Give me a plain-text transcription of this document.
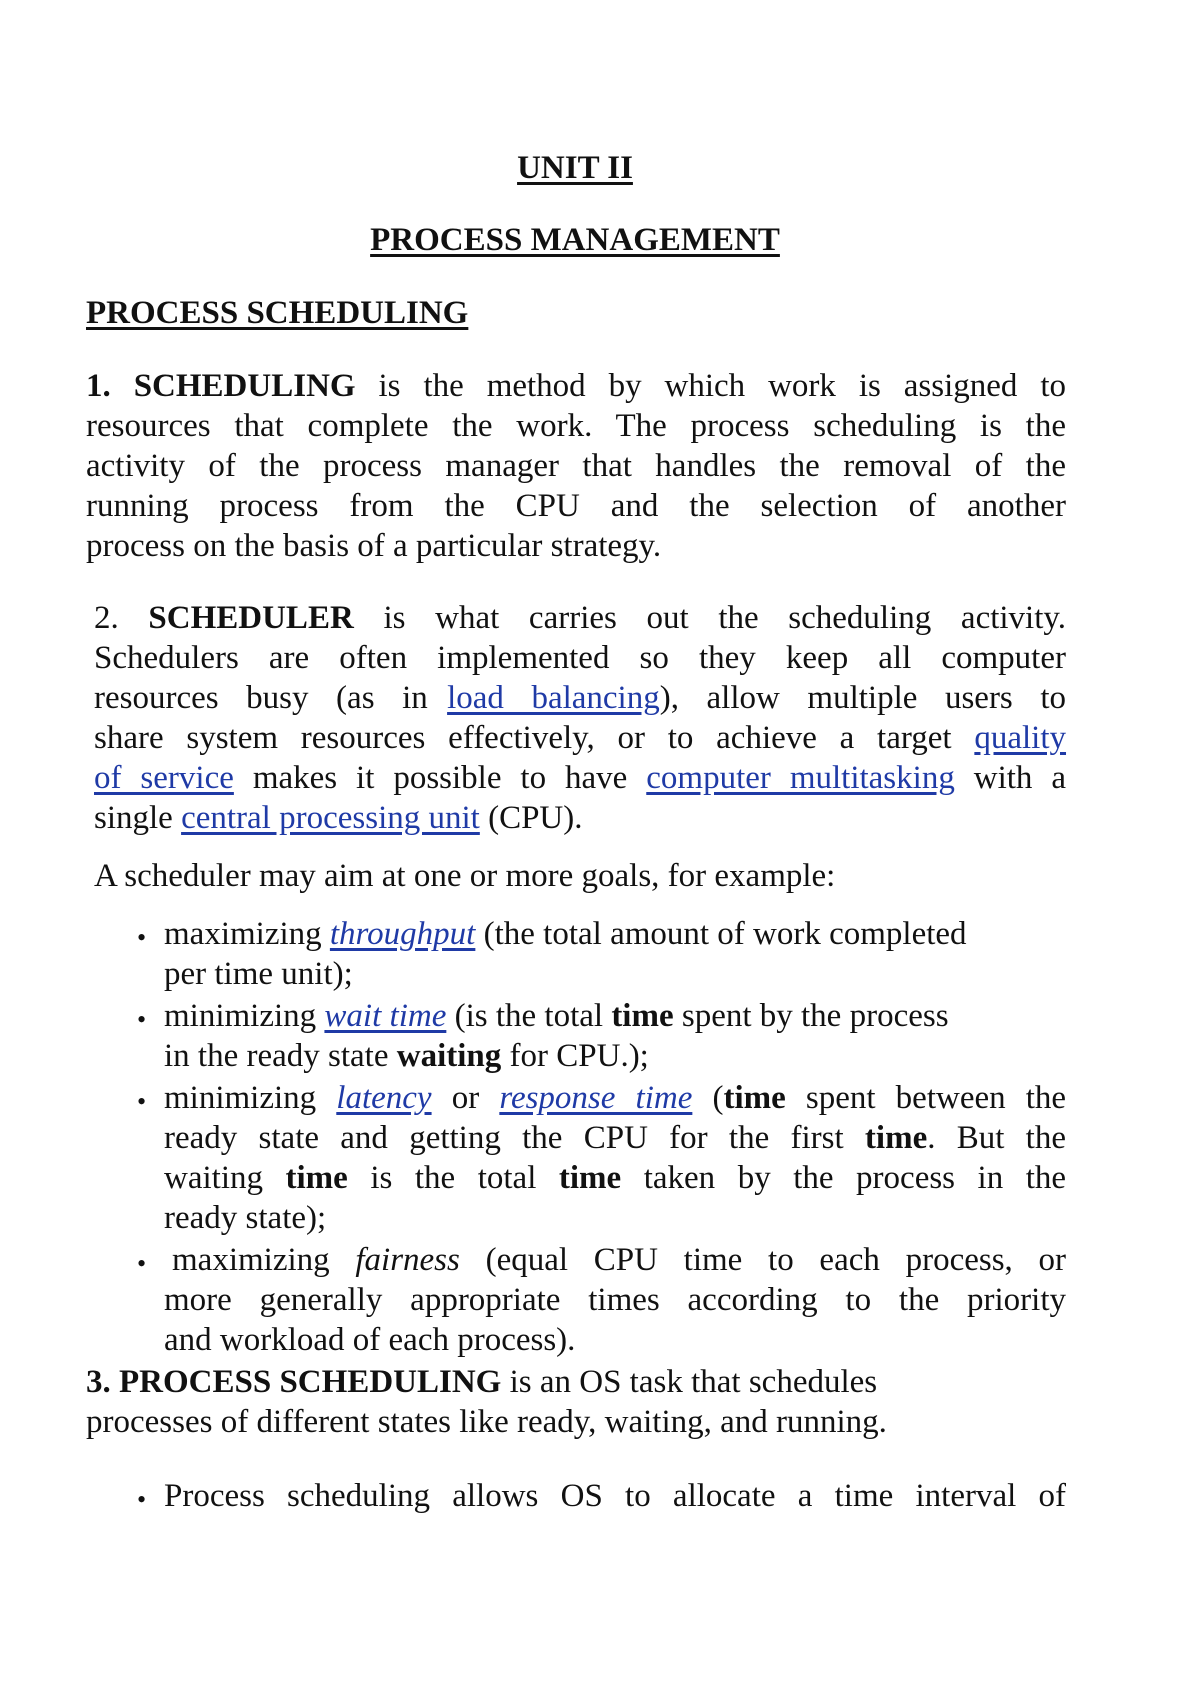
UNIT II
PROCESS MANAGEMENT
PROCESS SCHEDULING
1. SCHEDULING is the method by which work is assigned to
resources that complete the work. The process scheduling is the
activity of the process manager that handles the removal of the
running process from the CPU and the selection of another
process on the basis of a particular strategy.
2. SCHEDULER is what carries out the scheduling activity.
Schedulers are often implemented so they keep all computer
resources busy (as in load balancing), allow multiple users to
share system resources effectively, or to achieve a target quality
of service makes it possible to have computer multitasking with a
single central processing unit (CPU).
A scheduler may aim at one or more goals, for example:
• maximizing throughput (the total amount of work completed
per time unit);
• minimizing wait time (is the total time spent by the process
in the ready state waiting for CPU.);
• minimizing latency or response time (time spent between the
ready state and getting the CPU for the first time. But the
waiting time is the total time taken by the process in the
ready state);
• maximizing fairness (equal CPU time to each process, or
more generally appropriate times according to the priority
and workload of each process).
3. PROCESS SCHEDULING is an OS task that schedules
processes of different states like ready, waiting, and running.
• Process scheduling allows OS to allocate a time interval of
